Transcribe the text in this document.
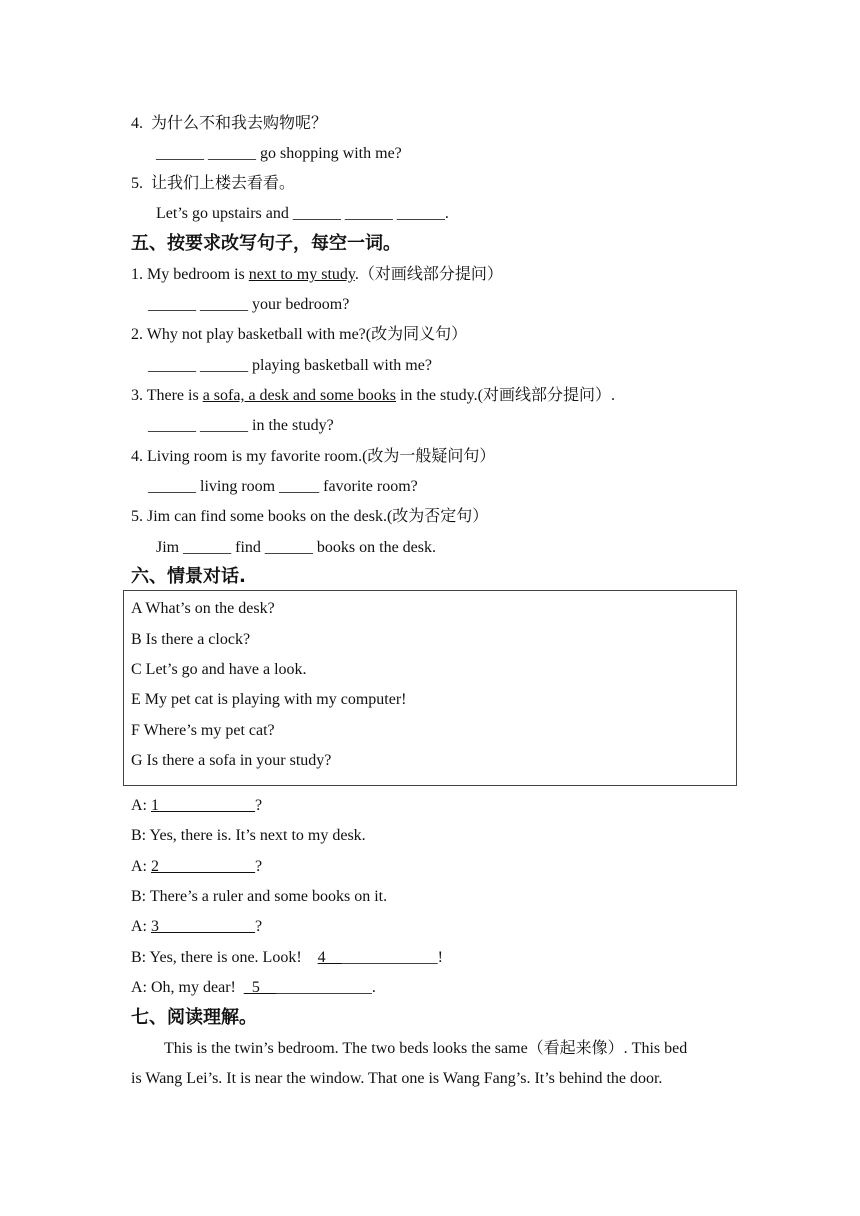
4.  为什么不和我去购物呢？
______ ______ go shopping with me?
5.  让我们上楼去看看。
Let’s go upstairs and ______ ______ ______.
五、按要求改写句子，每空一词。
1. My bedroom is next to my study.（对画线部分提问）
______ ______ your bedroom?
2. Why not play basketball with me?(改为同义句）
______ ______ playing basketball with me?
3. There is a sofa, a desk and some books in the study.(对画线部分提问）.
______ ______ in the study?
4. Living room is my favorite room.(改为一般疑问句）
______ living room _____ favorite room?
5. Jim can find some books on the desk.(改为否定句）
Jim ______ find ______ books on the desk.
六、情景对话.
A What’s on the desk?
B Is there a clock?
C Let’s go and have a look.
E My pet cat is playing with my computer!
F Where’s my pet cat?
G Is there a sofa in your study?
A: 1____________?
B: Yes, there is. It’s next to my desk.
A: 2____________?
B: There’s a ruler and some books on it.
A: 3____________?
B: Yes, there is one. Look!    4______________!
A: Oh, my dear!  _5______________.
七、阅读理解。
This is the twin’s bedroom. The two beds looks the same（看起来像）. This bed
is Wang Lei’s. It is near the window. That one is Wang Fang’s. It’s behind the door.
